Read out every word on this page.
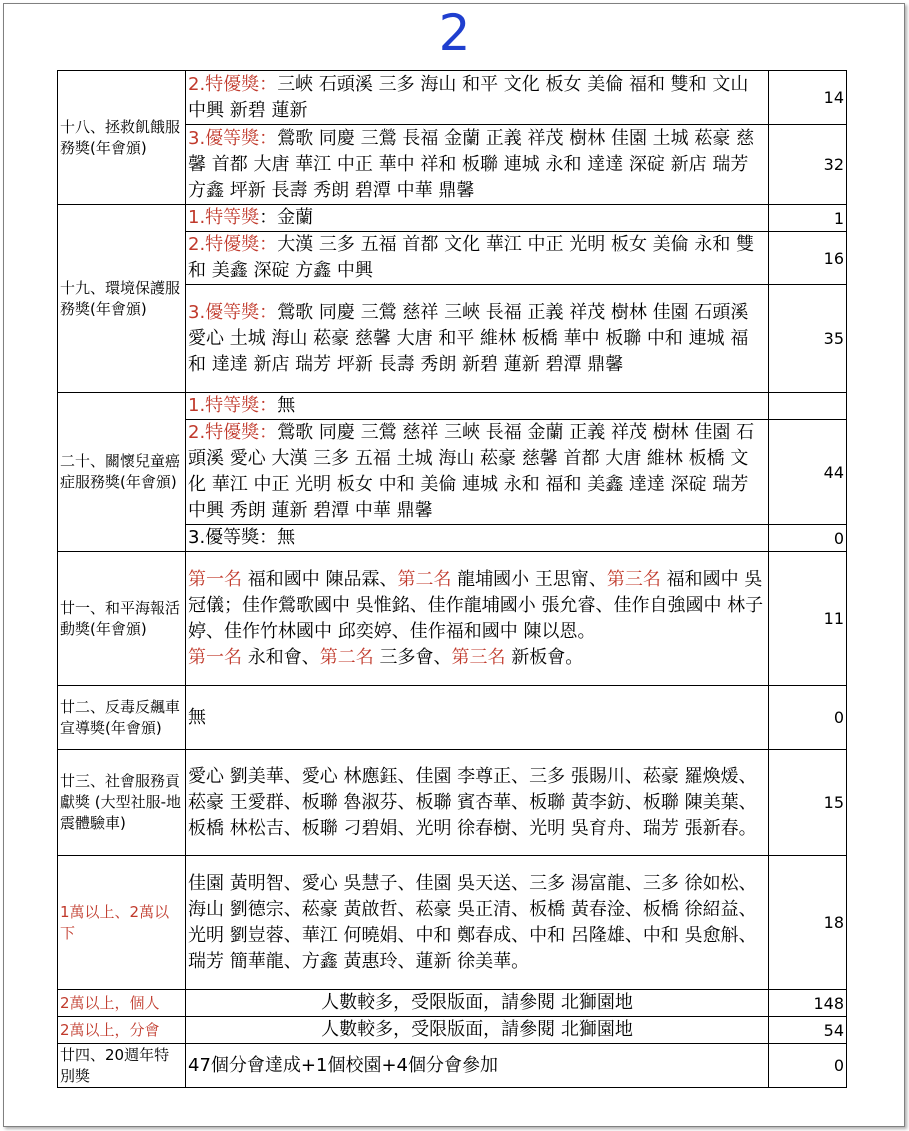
2
十八、拯救飢餓服務獎(年會頒)	2.特優獎：三峽 石頭溪 三多 海山 和平 文化 板女 美倫 福和 雙和 文山 中興 新碧 蓮新	14
	3.優等獎：鶯歌 同慶 三鶯 長福 金蘭 正義 祥茂 樹林 佳園 土城 菘豪 慈馨 首都 大唐 華江 中正 華中 祥和 板聯 連城 永和 達達 深碇 新店 瑞芳 方鑫 坪新 長壽 秀朗 碧潭 中華 鼎馨	32
十九、環境保護服務獎(年會頒)	1.特等獎：金蘭	1
	2.特優獎：大漢 三多 五福 首都 文化 華江 中正 光明 板女 美倫 永和 雙和 美鑫 深碇 方鑫 中興	16
	3.優等獎：鶯歌 同慶 三鶯 慈祥 三峽 長福 正義 祥茂 樹林 佳園 石頭溪 愛心 土城 海山 菘豪 慈馨 大唐 和平 維林 板橋 華中 板聯 中和 連城 福和 達達 新店 瑞芳 坪新 長壽 秀朗 新碧 蓮新 碧潭 鼎馨	35
二十、關懷兒童癌症服務獎(年會頒)	1.特等獎：無	
	2.特優獎：鶯歌 同慶 三鶯 慈祥 三峽 長福 金蘭 正義 祥茂 樹林 佳園 石頭溪 愛心 大漢 三多 五福 土城 海山 菘豪 慈馨 首都 大唐 維林 板橋 文化 華江 中正 光明 板女 中和 美倫 連城 永和 福和 美鑫 達達 深碇 瑞芳 中興 秀朗 蓮新 碧潭 中華 鼎馨	44
	3.優等獎：無	0
廿一、和平海報活動獎(年會頒)	第一名 福和國中 陳品霖、第二名 龍埔國小 王思甯、第三名 福和國中 吳冠儀；佳作鶯歌國中 吳惟銘、佳作龍埔國小 張允睿、佳作自強國中 林子婷、佳作竹林國中 邱奕婷、佳作福和國中 陳以恩。

第一名 永和會、第二名 三多會、第三名 新板會。	11
廿二、反毒反飆車宣導獎(年會頒)	無	0
廿三、社會服務貢獻獎 (大型社服-地震體驗車)	愛心 劉美華、愛心 林應鈺、佳園 李尊正、三多 張賜川、菘豪 羅煥煖、菘豪 王愛群、板聯 魯淑芬、板聯 賓杏華、板聯 黃李鈁、板聯 陳美葉、板橋 林松吉、板聯 刁碧娟、光明 徐春樹、光明 吳育舟、瑞芳 張新春。	15
1萬以上、2萬以下	佳園 黃明智、愛心 吳慧子、佳園 吳天送、三多 湯富龍、三多 徐如松、海山 劉德宗、菘豪 黃啟哲、菘豪 吳正清、板橋 黃春淦、板橋 徐紹益、光明 劉豈蓉、華江 何曉娟、中和 鄭春成、中和 呂隆雄、中和 吳愈斛、瑞芳 簡華龍、方鑫 黃惠玲、蓮新 徐美華。	18
2萬以上，個人	人數較多，受限版面，請參閱 北獅園地	148
2萬以上，分會	人數較多，受限版面，請參閱 北獅園地	54
廿四、20週年特別獎	47個分會達成+1個校園+4個分會參加	0
